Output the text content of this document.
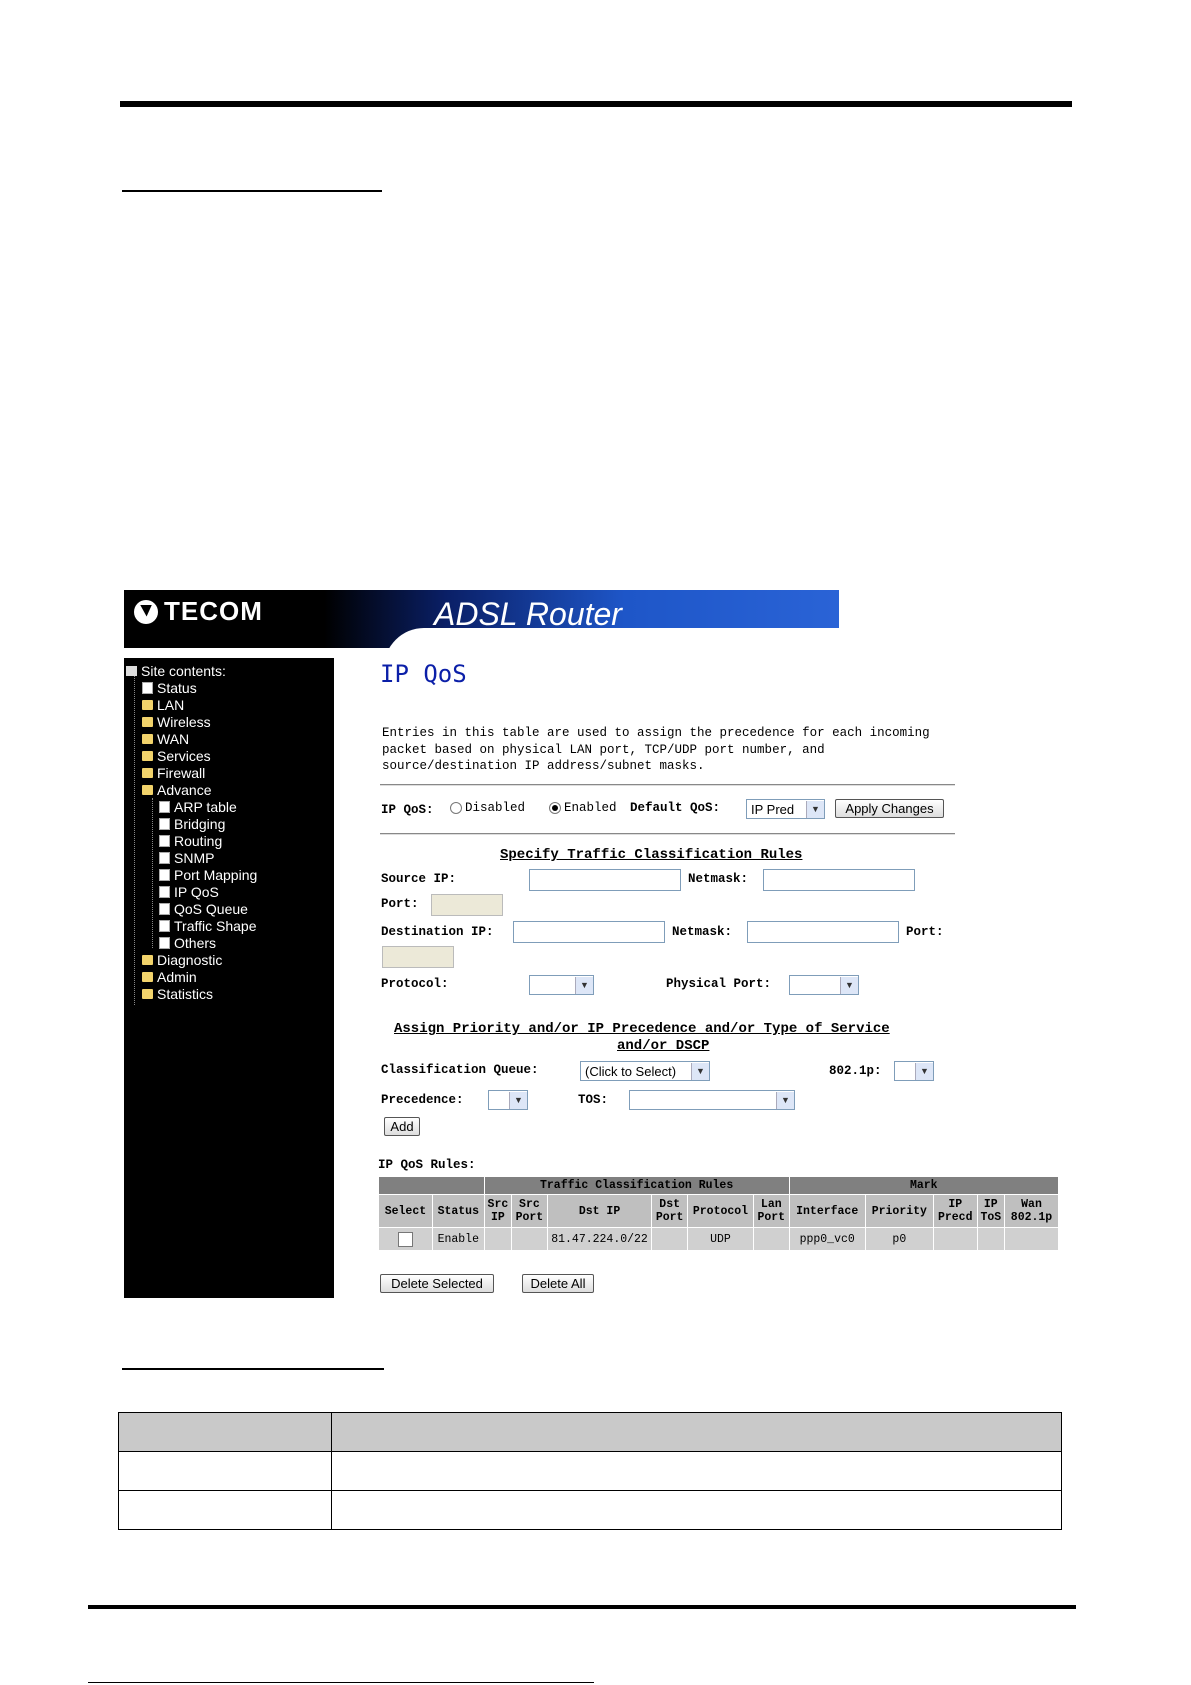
TECOM	ADSL Router
Site contents:
Status
LAN
Wireless
WAN
Services
Firewall
Advance
ARP table
Bridging
Routing
SNMP
Port Mapping
IP QoS
QoS Queue
Traffic Shape
Others
Diagnostic
Admin
Statistics
IP QoS
Entries in this table are used to assign the precedence for each incoming packet based on physical LAN port, TCP/UDP port number, and source/destination IP address/subnet masks.
IP QoS:	Disabled	Enabled Default QoS: IP Pred	▼	Apply Changes
Specify Traffic Classification Rules
Source IP:	Netmask:
Port:
Destination IP:	Netmask:	Port:
Protocol:	▼	Physical Port:	▼
Assign Priority and/or IP Precedence and/or Type of Service
and/or DSCP
Classification Queue:	(Click to Select)	▼	802.1p:	▼
Precedence:	▼	TOS:	▼
Add
IP QoS Rules:
		Traffic Classification Rules						Mark				
Select	Status	Src IP	Src Port	Dst IP	Dst Port	Protocol	Lan Port	Interface	Priority	IP Precd	IP ToS	Wan 802.1p
	Enable			81.47.224.0/22		UDP		ppp0_vc0	p0			
Delete Selected	Delete All
